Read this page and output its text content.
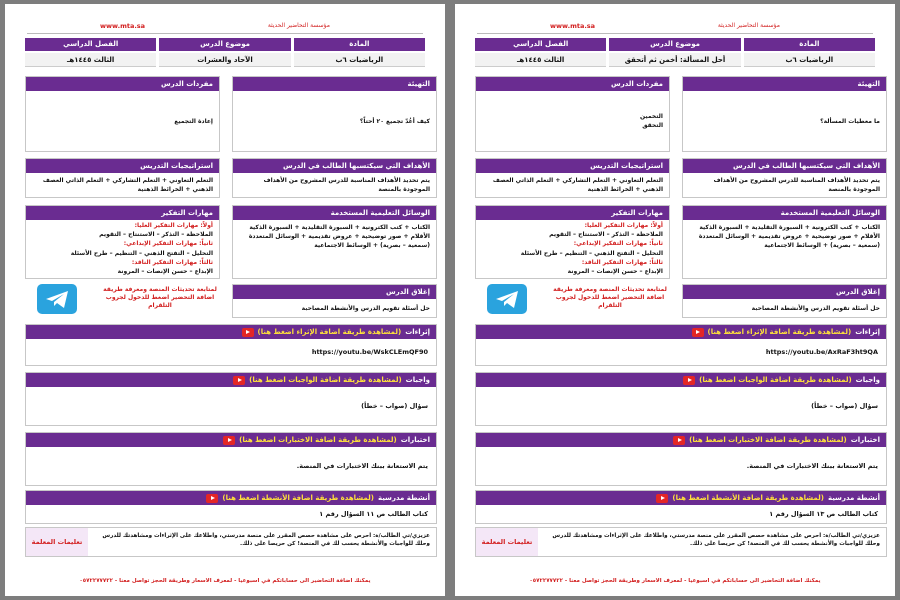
مؤسسة التحاضير الحديثة
www.mta.sa
المادة
الرياضيات ٦ب
موضوع الدرس
الآحاد والعشرات
الفصل الدراسي
الثالث ١٤٤٥هـ
التهيئة
كيف أعُدّ تجميع ٢٠ أحتاً؟
مفردات الدرس
إعادة التجميع
الأهداف التي سيكتسبها الطالب في الدرس
يتم تحديد الأهداف المناسبة للدرس المشروح من الأهداف الموجودة بالمنصة
استراتيجيات التدريس
التعلم التعاوني + التعلم التشاركي + التعلم الذاتي العصف الذهني + الخرائط الذهنية
الوسائل التعليمية المستخدمة
الكتاب + كتب الكترونية + السبورة التقليدية + السبورة الذكية الأقلام + صور توضيحية + عروض تقديمية + الوسائل المتعددة (سمعية – بصرية) + الوسائط الاجتماعية
مهارات التفكير
أولاً: مهارات التفكير العليا:
الملاحظة – التذكر – الاستنتاج – التقويم
ثانياً: مهارات التفكير الإبداعي:
التحليل – التفتح الذهني – التنظيم – طرح الأسئلة
ثالثاً: مهارات التفكير الناقد:
الإبداع – حسن الإنصات – المرونة
إغلاق الدرس
حل أسئلة تقويم الدرس والأنشطة المصاحبة
لمتابعة تحديثات المنصة ومعرفة طريقة اضافة التحضير اضغط للدخول لجروب التلقرام
إثراءات
(لمشاهدة طريقة اضافة الإثراء اضغط هنا)
https://youtu.be/WskCLEmQF90
واجبات
(لمشاهدة طريقة اضافة الواجبات اضغط هنا)
سؤال (صواب – خطأ)
اختبارات
(لمشاهدة طريقة اضافة الاختبارات اضغط هنا)
يتم الاستعانة ببنك الاختبارات في المنصة.
أنشطة مدرسية
(لمشاهدة طريقة اضافة الأنشطة اضغط هنا)
كتاب الطالب ص ١١ السؤال رقم ١
تعليمات المعلمة
عزيزي/تي الطالب/ة: احرص على مشاهدة حصص المقرر على منصة مدرستي، واطلاعك على الإثراءات ومشاهدتك للدرس وحلك للواجبات والأنشطة يحسب لك في المنصة! كن حريصا على ذلك.
يمكنك اضافة التحاضير الى حساباتكم في اسبوعيا - لمعرف الأسعار وطريقة الحجز تواصل معنا - ٠٥٧٢٢٧٧٧٢٢
مؤسسة التحاضير الحديثة
www.mta.sa
المادة
الرياضيات ٦ب
موضوع الدرس
أحل المسألة: أخمن ثم أتحقق
الفصل الدراسي
الثالث ١٤٤٥هـ
التهيئة
ما معطيات المسألة؟
مفردات الدرس
التخمين
التحقق
الأهداف التي سيكتسبها الطالب في الدرس
يتم تحديد الأهداف المناسبة للدرس المشروح من الأهداف الموجودة بالمنصة
استراتيجيات التدريس
التعلم التعاوني + التعلم التشاركي + التعلم الذاتي العصف الذهني + الخرائط الذهنية
الوسائل التعليمية المستخدمة
الكتاب + كتب الكترونية + السبورة التقليدية + السبورة الذكية الأقلام + صور توضيحية + عروض تقديمية + الوسائل المتعددة (سمعية – بصرية) + الوسائط الاجتماعية
مهارات التفكير
أولاً: مهارات التفكير العليا:
الملاحظة – التذكر – الاستنتاج – التقويم
ثانياً: مهارات التفكير الإبداعي:
التحليل – التفتح الذهني – التنظيم – طرح الأسئلة
ثالثاً: مهارات التفكير الناقد:
الإبداع – حسن الإنصات – المرونة
إغلاق الدرس
حل أسئلة تقويم الدرس والأنشطة المصاحبة
لمتابعة تحديثات المنصة ومعرفة طريقة اضافة التحضير اضغط للدخول لجروب التلقرام
إثراءات
(لمشاهدة طريقة اضافة الإثراء اضغط هنا)
https://youtu.be/AxRaF3ht9QA
واجبات
(لمشاهدة طريقة اضافة الواجبات اضغط هنا)
سؤال (صواب – خطأ)
اختبارات
(لمشاهدة طريقة اضافة الاختبارات اضغط هنا)
يتم الاستعانة ببنك الاختبارات في المنصة.
أنشطة مدرسية
(لمشاهدة طريقة اضافة الأنشطة اضغط هنا)
كتاب الطالب ص ١٣ السؤال رقم ١
تعليمات المعلمة
عزيزي/تي الطالب/ة: احرص على مشاهدة حصص المقرر على منصة مدرستي، واطلاعك على الإثراءات ومشاهدتك للدرس وحلك للواجبات والأنشطة يحسب لك في المنصة! كن حريصا على ذلك.
يمكنك اضافة التحاضير الى حساباتكم في اسبوعيا - لمعرف الأسعار وطريقة الحجز تواصل معنا - ٠٥٧٢٢٧٧٧٢٢
